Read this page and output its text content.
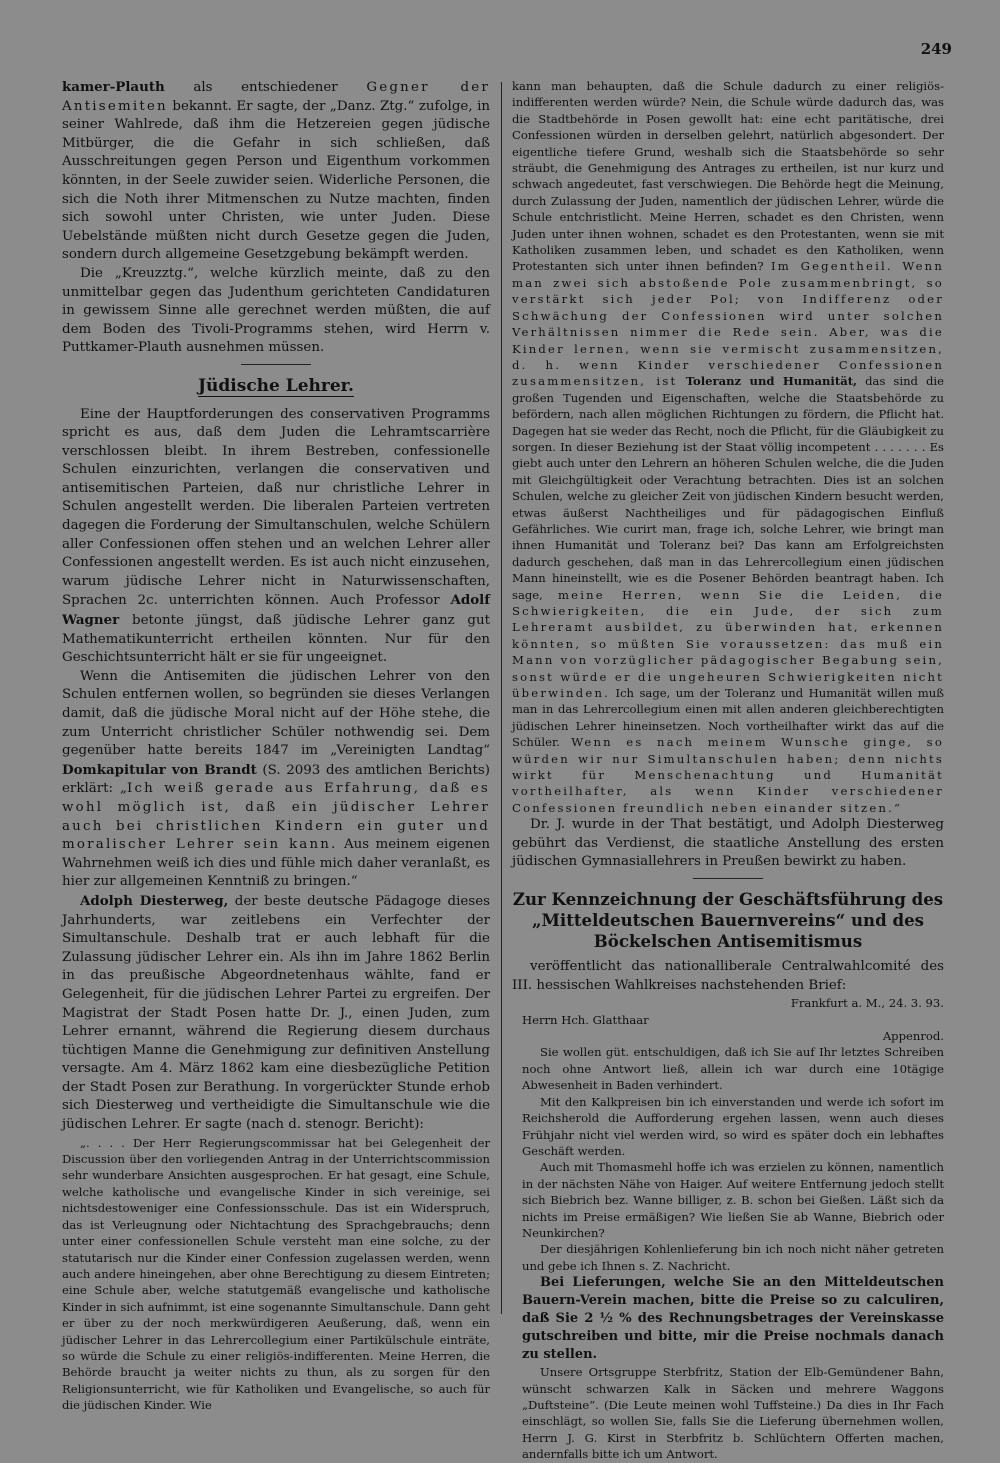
249

kamer-Plauth als entschiedener Gegner der Antisemiten bekannt. Er sagte, der „Danz. Ztg.“ zufolge, in seiner Wahlrede, daß ihm die Hetzereien gegen jüdische Mitbürger, die die Gefahr in sich schließen, daß Ausschreitungen gegen Person und Eigenthum vorkommen könnten, in der Seele zuwider seien. Widerliche Personen, die sich die Noth ihrer Mitmenschen zu Nutze machten, finden sich sowohl unter Christen, wie unter Juden. Diese Uebelstände müßten nicht durch Gesetze gegen die Juden, sondern durch allgemeine Gesetzgebung bekämpft werden.

Die „Kreuzztg.“, welche kürzlich meinte, daß zu den unmittelbar gegen das Judenthum gerichteten Candidaturen in gewissem Sinne alle gerechnet werden müßten, die auf dem Boden des Tivoli-Programms stehen, wird Herrn v. Puttkamer-Plauth ausnehmen müssen.

Jüdische Lehrer.

Eine der Hauptforderungen des conservativen Programms spricht es aus, daß dem Juden die Lehramtscarrière verschlossen bleibt. In ihrem Bestreben, confessionelle Schulen einzurichten, verlangen die conservativen und antisemitischen Parteien, daß nur christliche Lehrer in Schulen angestellt werden. Die liberalen Parteien vertreten dagegen die Forderung der Simultanschulen, welche Schülern aller Confessionen offen stehen und an welchen Lehrer aller Confessionen angestellt werden. Es ist auch nicht einzusehen, warum jüdische Lehrer nicht in Naturwissenschaften, Sprachen 2c. unterrichten können. Auch Professor Adolf Wagner betonte jüngst, daß jüdische Lehrer ganz gut Mathematikunterricht ertheilen könnten. Nur für den Geschichtsunterricht hält er sie für ungeeignet.

Wenn die Antisemiten die jüdischen Lehrer von den Schulen entfernen wollen, so begründen sie dieses Verlangen damit, daß die jüdische Moral nicht auf der Höhe stehe, die zum Unterricht christlicher Schüler nothwendig sei. Dem gegenüber hatte bereits 1847 im „Vereinigten Landtag“ Domkapitular von Brandt (S. 2093 des amtlichen Berichts) erklärt: „Ich weiß gerade aus Erfahrung, daß es wohl möglich ist, daß ein jüdischer Lehrer auch bei christlichen Kindern ein guter und moralischer Lehrer sein kann. Aus meinem eigenen Wahrnehmen weiß ich dies und fühle mich daher veranlaßt, es hier zur allgemeinen Kenntniß zu bringen.“

Adolph Diesterweg, der beste deutsche Pädagoge dieses Jahrhunderts, war zeitlebens ein Verfechter der Simultanschule. Deshalb trat er auch lebhaft für die Zulassung jüdischer Lehrer ein. Als ihn im Jahre 1862 Berlin in das preußische Abgeordnetenhaus wählte, fand er Gelegenheit, für die jüdischen Lehrer Partei zu ergreifen. Der Magistrat der Stadt Posen hatte Dr. J., einen Juden, zum Lehrer ernannt, während die Regierung diesem durchaus tüchtigen Manne die Genehmigung zur definitiven Anstellung versagte. Am 4. März 1862 kam eine diesbezügliche Petition der Stadt Posen zur Berathung. In vorgerückter Stunde erhob sich Diesterweg und vertheidigte die Simultanschule wie die jüdischen Lehrer. Er sagte (nach d. stenogr. Bericht):

„. . . . Der Herr Regierungscommissar hat bei Gelegenheit der Discussion über den vorliegenden Antrag in der Unterrichtscommission sehr wunderbare Ansichten ausgesprochen. Er hat gesagt, eine Schule, welche katholische und evangelische Kinder in sich vereinige, sei nichtsdestoweniger eine Confessionsschule. Das ist ein Widerspruch, das ist Verleugnung oder Nichtachtung des Sprachgebrauchs; denn unter einer confessionellen Schule versteht man eine solche, zu der statutarisch nur die Kinder einer Confession zugelassen werden, wenn auch andere hineingehen, aber ohne Berechtigung zu diesem Eintreten; eine Schule aber, welche statutgemäß evangelische und katholische Kinder in sich aufnimmt, ist eine sogenannte Simultanschule. Dann geht er über zu der noch merkwürdigeren Aeußerung, daß, wenn ein jüdischer Lehrer in das Lehrercollegium einer Partikülschule einträte, so würde die Schule zu einer religiös-indifferenten. Meine Herren, die Behörde braucht ja weiter nichts zu thun, als zu sorgen für den Religionsunterricht, wie für Katholiken und Evangelische, so auch für die jüdischen Kinder. Wie

kann man behaupten, daß die Schule dadurch zu einer religiös-indifferenten werden würde? Nein, die Schule würde dadurch das, was die Stadtbehörde in Posen gewollt hat: eine echt paritätische, drei Confessionen würden in derselben gelehrt, natürlich abgesondert. Der eigentliche tiefere Grund, weshalb sich die Staatsbehörde so sehr sträubt, die Genehmigung des Antrages zu ertheilen, ist nur kurz und schwach angedeutet, fast verschwiegen. Die Behörde hegt die Meinung, durch Zulassung der Juden, namentlich der jüdischen Lehrer, würde die Schule entchristlicht. Meine Herren, schadet es den Christen, wenn Juden unter ihnen wohnen, schadet es den Protestanten, wenn sie mit Katholiken zusammen leben, und schadet es den Katholiken, wenn Protestanten sich unter ihnen befinden? Im Gegentheil. Wenn man zwei sich abstoßende Pole zusammenbringt, so verstärkt sich jeder Pol; von Indifferenz oder Schwächung der Confessionen wird unter solchen Verhältnissen nimmer die Rede sein. Aber, was die Kinder lernen, wenn sie vermischt zusammensitzen, d. h. wenn Kinder verschiedener Confessionen zusammensitzen, ist Toleranz und Humanität, das sind die großen Tugenden und Eigenschaften, welche die Staatsbehörde zu befördern, nach allen möglichen Richtungen zu fördern, die Pflicht hat. Dagegen hat sie weder das Recht, noch die Pflicht, für die Gläubigkeit zu sorgen. In dieser Beziehung ist der Staat völlig incompetent . . . . . . . Es giebt auch unter den Lehrern an höheren Schulen welche, die die Juden mit Gleichgültigkeit oder Verachtung betrachten. Dies ist an solchen Schulen, welche zu gleicher Zeit von jüdischen Kindern besucht werden, etwas äußerst Nachtheiliges und für pädagogischen Einfluß Gefährliches. Wie curirt man, frage ich, solche Lehrer, wie bringt man ihnen Humanität und Toleranz bei? Das kann am Erfolgreichsten dadurch geschehen, daß man in das Lehrercollegium einen jüdischen Mann hineinstellt, wie es die Posener Behörden beantragt haben. Ich sage, meine Herren, wenn Sie die Leiden, die Schwierigkeiten, die ein Jude, der sich zum Lehreramt ausbildet, zu überwinden hat, erkennen könnten, so müßten Sie voraussetzen: das muß ein Mann von vorzüglicher pädagogischer Begabung sein, sonst würde er die ungeheuren Schwierigkeiten nicht überwinden. Ich sage, um der Toleranz und Humanität willen muß man in das Lehrercollegium einen mit allen anderen gleichberechtigten jüdischen Lehrer hineinsetzen. Noch vortheilhafter wirkt das auf die Schüler. Wenn es nach meinem Wunsche ginge, so würden wir nur Simultanschulen haben; denn nichts wirkt für Menschenachtung und Humanität vortheilhafter, als wenn Kinder verschiedener Confessionen freundlich neben einander sitzen.“

Dr. J. wurde in der That bestätigt, und Adolph Diesterweg gebührt das Verdienst, die staatliche Anstellung des ersten jüdischen Gymnasiallehrers in Preußen bewirkt zu haben.

Zur Kennzeichnung der Geschäftsführung des „Mitteldeutschen Bauernvereins“ und des Böckelschen Antisemitismus

veröffentlicht das nationalliberale Centralwahlcomité des III. hessischen Wahlkreises nachstehenden Brief:

Frankfurt a. M., 24. 3. 93.

Herrn Hch. Glatthaar

Appenrod.

Sie wollen güt. entschuldigen, daß ich Sie auf Ihr letztes Schreiben noch ohne Antwort ließ, allein ich war durch eine 10tägige Abwesenheit in Baden verhindert.

Mit den Kalkpreisen bin ich einverstanden und werde ich sofort im Reichsherold die Aufforderung ergehen lassen, wenn auch dieses Frühjahr nicht viel werden wird, so wird es später doch ein lebhaftes Geschäft werden.

Auch mit Thomasmehl hoffe ich was erzielen zu können, namentlich in der nächsten Nähe von Haiger. Auf weitere Entfernung jedoch stellt sich Biebrich bez. Wanne billiger, z. B. schon bei Gießen. Läßt sich da nichts im Preise ermäßigen? Wie ließen Sie ab Wanne, Biebrich oder Neunkirchen?

Der diesjährigen Kohlenlieferung bin ich noch nicht näher getreten und gebe ich Ihnen s. Z. Nachricht.

Bei Lieferungen, welche Sie an den Mitteldeutschen Bauern-Verein machen, bitte die Preise so zu calculiren, daß Sie 2 ½ % des Rechnungsbetrages der Vereinskasse gutschreiben und bitte, mir die Preise nochmals danach zu stellen.

Unsere Ortsgruppe Sterbfritz, Station der Elb-Gemündener Bahn, wünscht schwarzen Kalk in Säcken und mehrere Waggons „Duftsteine“. (Die Leute meinen wohl Tuffsteine.) Da dies in Ihr Fach einschlägt, so wollen Sie, falls Sie die Lieferung übernehmen wollen, Herrn J. G. Kirst in Sterbfritz b. Schlüchtern Offerten machen, andernfalls bitte ich um Antwort.
